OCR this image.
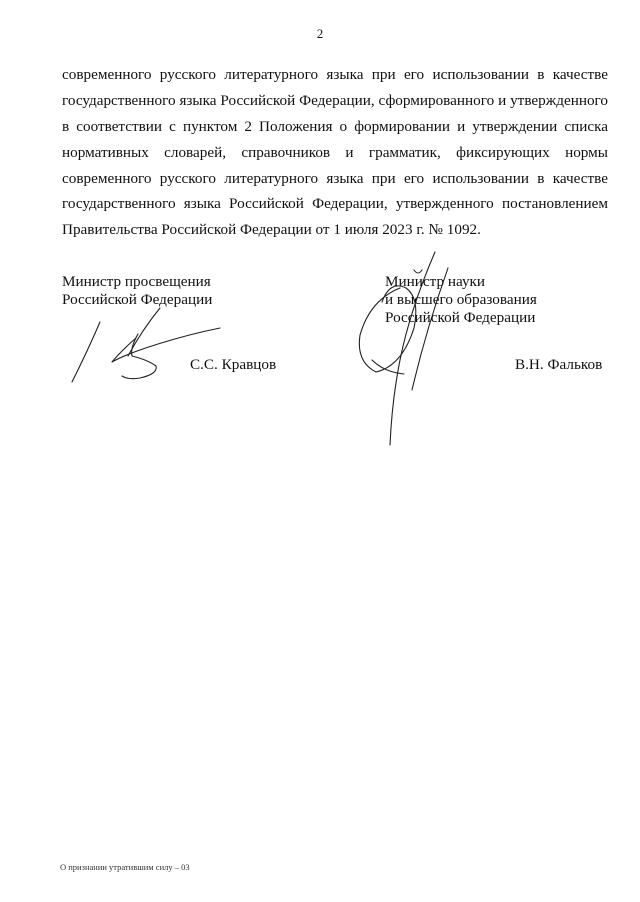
2
современного русского литературного языка при его использовании в качестве
государственного языка Российской Федерации, сформированного и утвержденного
в соответствии с пунктом 2 Положения о формировании и утверждении списка
нормативных словарей, справочников и грамматик, фиксирующих нормы
современного русского литературного языка при его использовании в качестве
государственного языка Российской Федерации, утвержденного постановлением
Правительства Российской Федерации от 1 июля 2023 г. № 1092.
Министр просвещения
Российской Федерации
С.С. Кравцов
Министр науки
и высшего образования
Российской Федерации
В.Н. Фальков
О признании утратившим силу – 03
